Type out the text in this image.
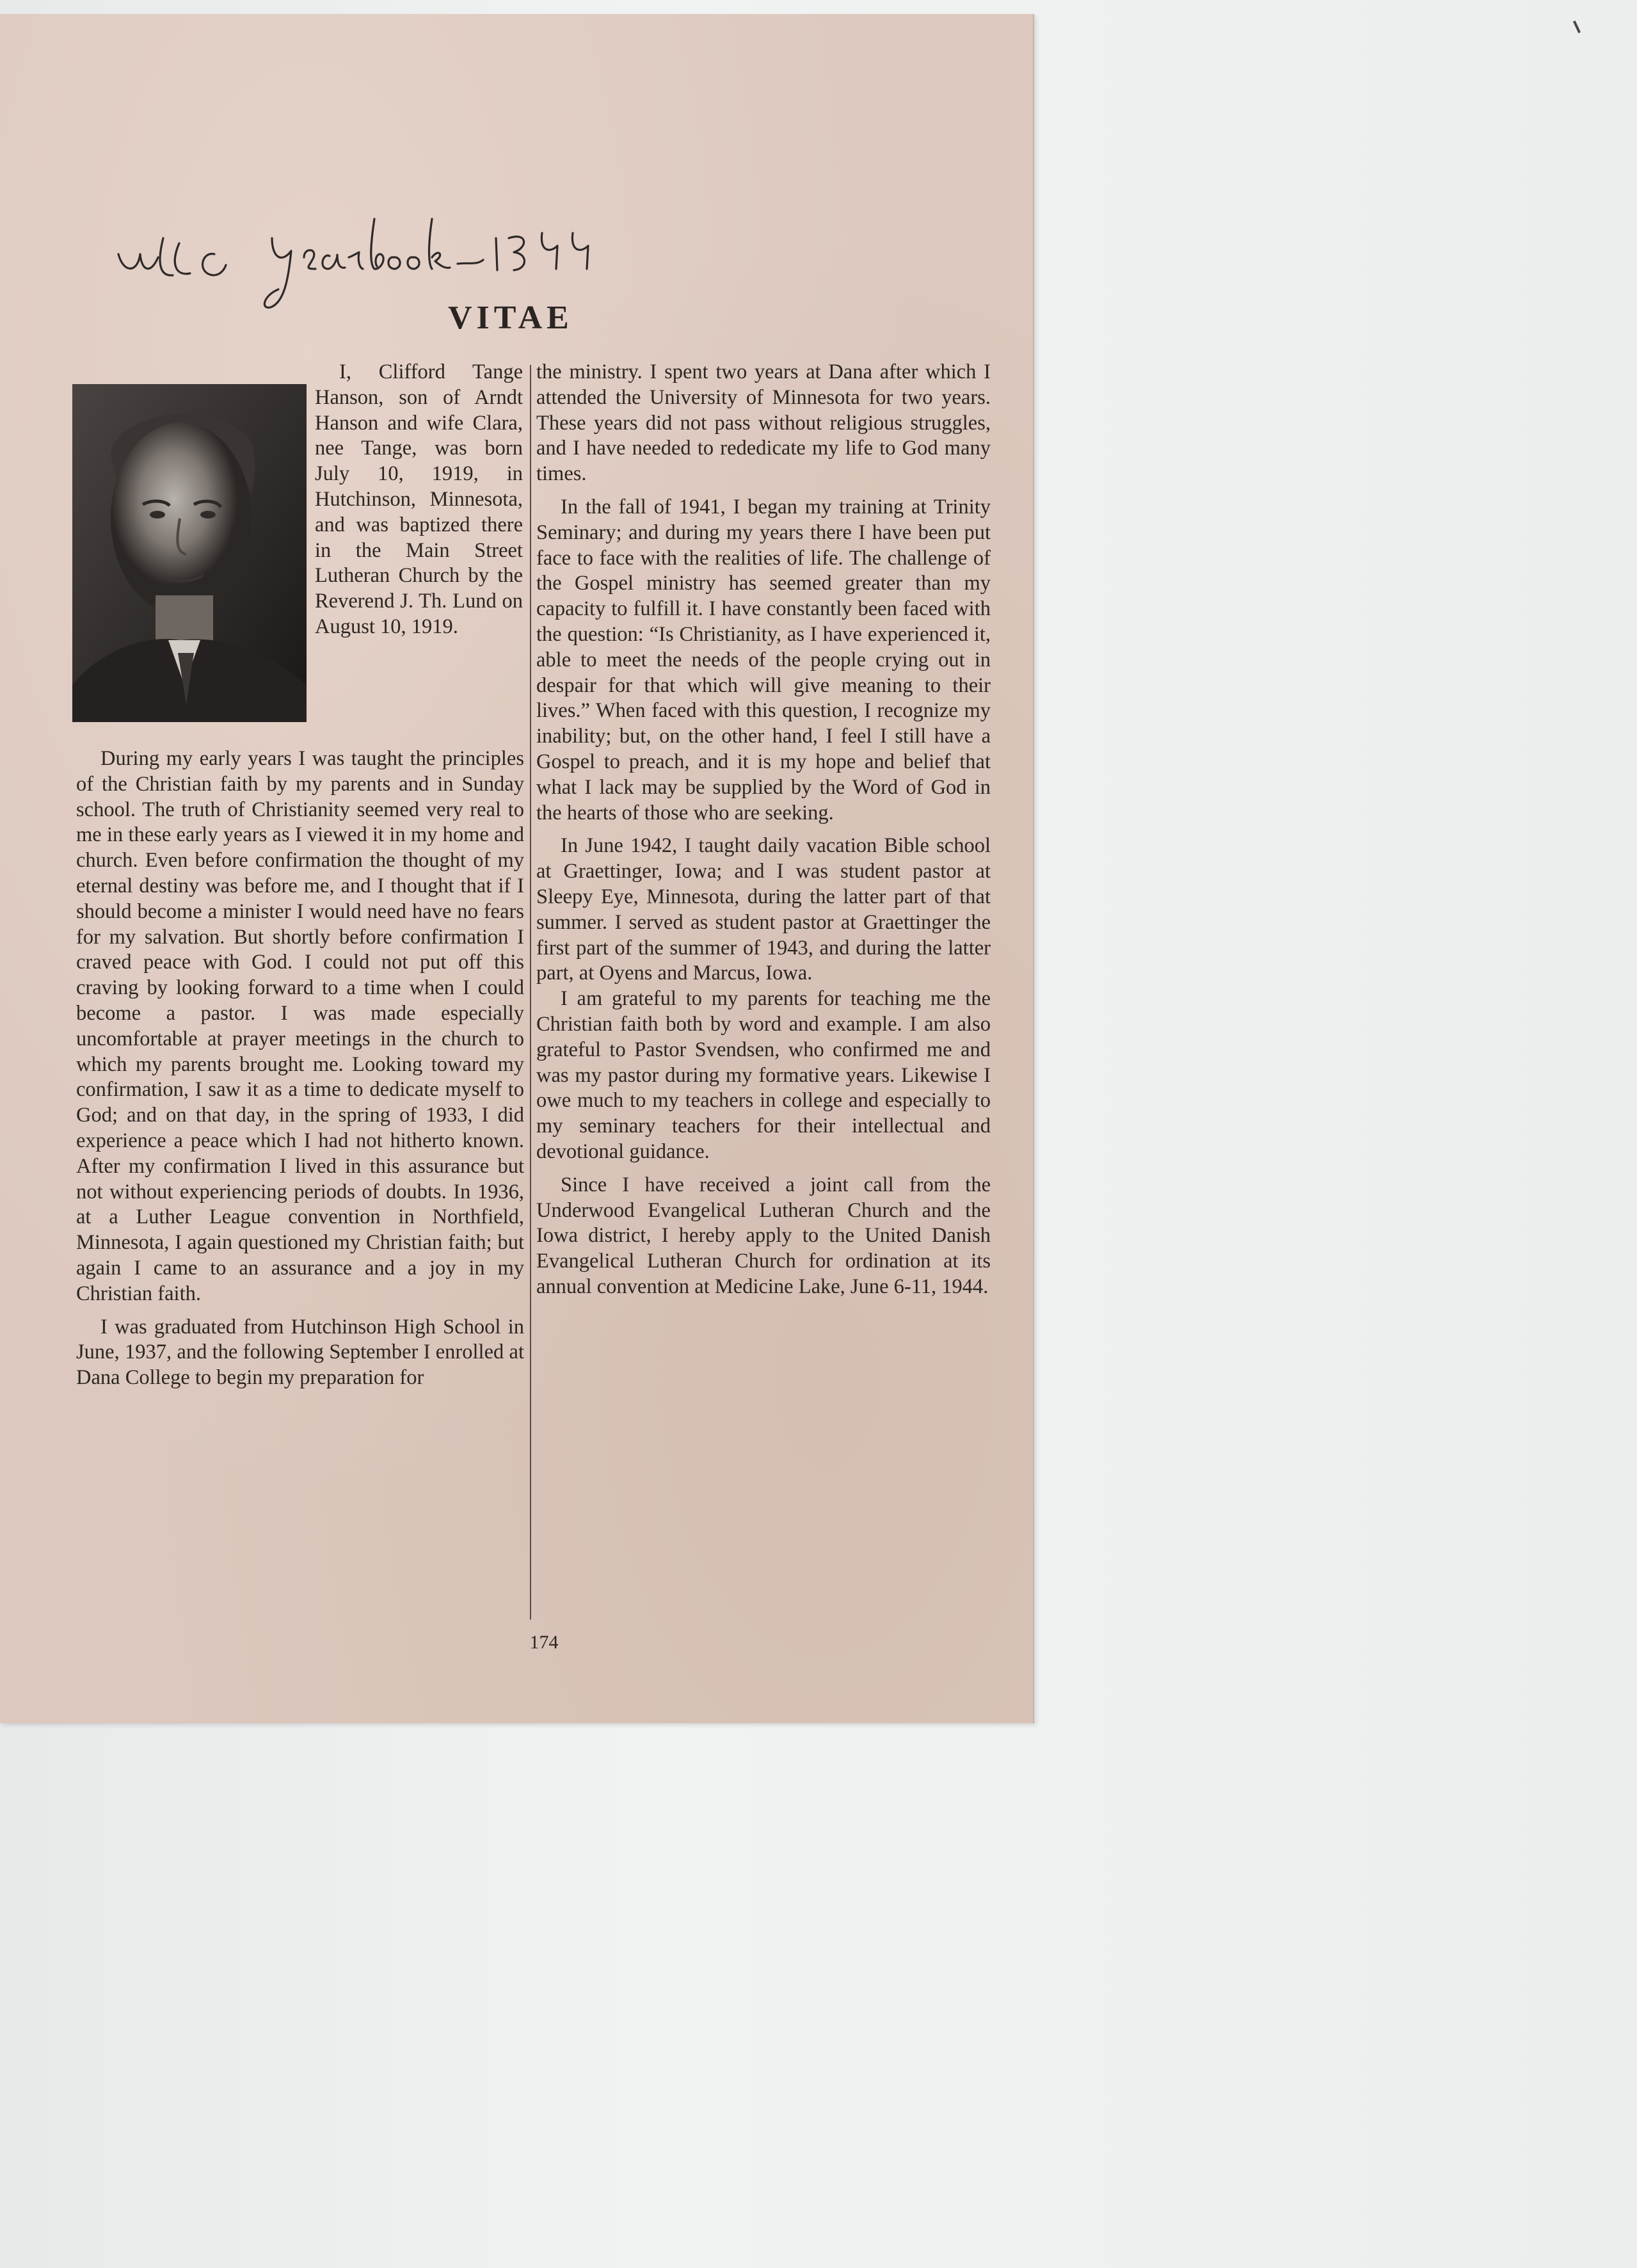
VITAE

I, Clifford Tange Hanson, son of Arndt Hanson and wife Clara, nee Tange, was born July 10, 1919, in Hutchinson, Minnesota, and was baptized there in the Main Street Lutheran Church by the Reverend J. Th. Lund on August 10, 1919.

During my early years I was taught the principles of the Christian faith by my parents and in Sunday school. The truth of Christianity seemed very real to me in these early years as I viewed it in my home and church. Even before confirmation the thought of my eternal destiny was before me, and I thought that if I should become a minister I would need have no fears for my salvation. But shortly before confirmation I craved peace with God. I could not put off this craving by looking forward to a time when I could become a pastor. I was made especially uncomfortable at prayer meetings in the church to which my parents brought me. Looking toward my confirmation, I saw it as a time to dedicate myself to God; and on that day, in the spring of 1933, I did experience a peace which I had not hitherto known. After my confirmation I lived in this assurance but not without experiencing periods of doubts. In 1936, at a Luther League convention in Northfield, Minnesota, I again questioned my Christian faith; but again I came to an assurance and a joy in my Christian faith.

I was graduated from Hutchinson High School in June, 1937, and the following September I enrolled at Dana College to begin my preparation for

the ministry. I spent two years at Dana after which I attended the University of Minnesota for two years. These years did not pass without religious struggles, and I have needed to rededicate my life to God many times.

In the fall of 1941, I began my training at Trinity Seminary; and during my years there I have been put face to face with the realities of life. The challenge of the Gospel ministry has seemed greater than my capacity to fulfill it. I have constantly been faced with the question: “Is Christianity, as I have experienced it, able to meet the needs of the people crying out in despair for that which will give meaning to their lives.” When faced with this question, I recognize my inability; but, on the other hand, I feel I still have a Gospel to preach, and it is my hope and belief that what I lack may be supplied by the Word of God in the hearts of those who are seeking.

In June 1942, I taught daily vacation Bible school at Graettinger, Iowa; and I was student pastor at Sleepy Eye, Minnesota, during the latter part of that summer. I served as student pastor at Graettinger the first part of the summer of 1943, and during the latter part, at Oyens and Marcus, Iowa.

I am grateful to my parents for teaching me the Christian faith both by word and example. I am also grateful to Pastor Svendsen, who confirmed me and was my pastor during my formative years. Likewise I owe much to my teachers in college and especially to my seminary teachers for their intellectual and devotional guidance.

Since I have received a joint call from the Underwood Evangelical Lutheran Church and the Iowa district, I hereby apply to the United Danish Evangelical Lutheran Church for ordination at its annual convention at Medicine Lake, June 6-11, 1944.

174
